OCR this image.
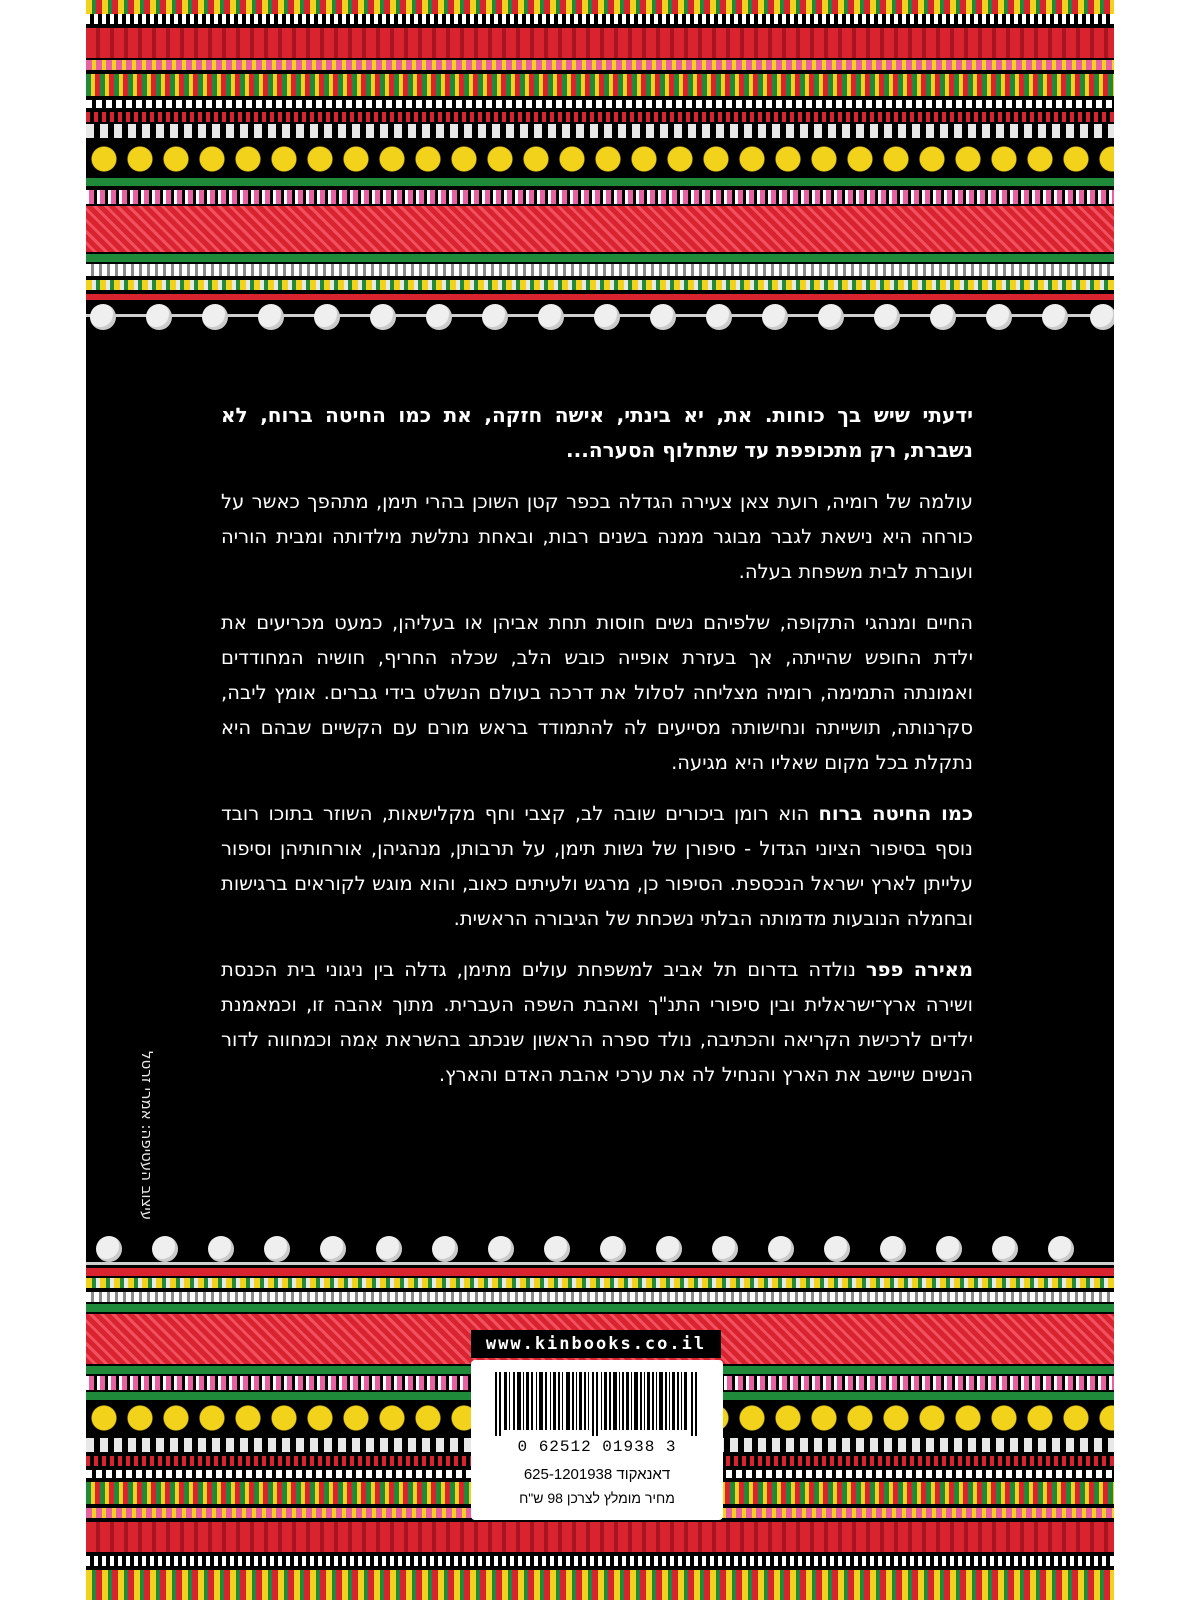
ידעתי שיש בך כוחות. את, יא בינתי, אישה חזקה, את כמו החיטה ברוח, לא נשברת, רק מתכופפת עד שתחלוף הסערה...

עולמה של רומיה, רועת צאן צעירה הגדלה בכפר קטן השוכן בהרי תימן, מתהפך כאשר על כורחה היא נישאת לגבר מבוגר ממנה בשנים רבות, ובאחת נתלשת מילדותה ומבית הוריה ועוברת לבית משפחת בעלה.

החיים ומנהגי התקופה, שלפיהם נשים חוסות תחת אביהן או בעליהן, כמעט מכריעים את ילדת החופש שהייתה, אך בעזרת אופייה כובש הלב, שכלה החריף, חושיה המחודדים ואמונתה התמימה, רומיה מצליחה לסלול את דרכה בעולם הנשלט בידי גברים. אומץ ליבה, סקרנותה, תושייתה ונחישותה מסייעים לה להתמודד בראש מורם עם הקשיים שבהם היא נתקלת בכל מקום שאליו היא מגיעה.

כמו החיטה ברוח הוא רומן ביכורים שובה לב, קצבי וחף מקלישאות, השוזר בתוכו רובד נוסף בסיפור הציוני הגדול - סיפורן של נשות תימן, על תרבותן, מנהגיהן, אורחותיהן וסיפור עלייתן לארץ ישראל הנכספת. הסיפור כן, מרגש ולעיתים כאוב, והוא מוגש לקוראים ברגישות ובחמלה הנובעות מדמותה הבלתי נשכחת של הגיבורה הראשית.

מאירה פפר נולדה בדרום תל אביב למשפחת עולים מתימן, גדלה בין ניגוני בית הכנסת ושירה ארץ־ישראלית ובין סיפורי התנ"ך ואהבת השפה העברית. מתוך אהבה זו, וכמאמנת ילדים לרכישת הקריאה והכתיבה, נולד ספרה הראשון שנכתב בהשראת אִמה וכמחווה לדור הנשים שיישב את הארץ והנחיל לה את ערכי אהבת האדם והארץ.

עיצוב העטיפה: אמרי זרטל
www.kinbooks.co.il
0 62512 01938 3
דאנאקוד 625-1201938
מחיר מומלץ לצרכן 98 ש"ח
